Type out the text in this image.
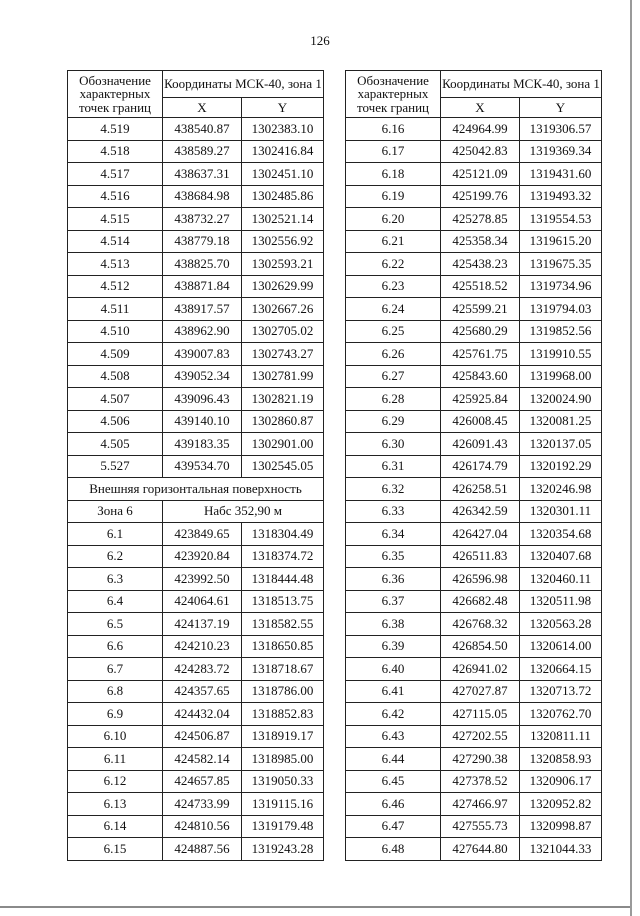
126
Обозначение характерных точек границ	Координаты МСК-40, зона 1	
	X	Y
4.519	438540.87	1302383.10
4.518	438589.27	1302416.84
4.517	438637.31	1302451.10
4.516	438684.98	1302485.86
4.515	438732.27	1302521.14
4.514	438779.18	1302556.92
4.513	438825.70	1302593.21
4.512	438871.84	1302629.99
4.511	438917.57	1302667.26
4.510	438962.90	1302705.02
4.509	439007.83	1302743.27
4.508	439052.34	1302781.99
4.507	439096.43	1302821.19
4.506	439140.10	1302860.87
4.505	439183.35	1302901.00
5.527	439534.70	1302545.05
Внешняя горизонтальная поверхность		
Зона 6	Набс 352,90 м	
6.1	423849.65	1318304.49
6.2	423920.84	1318374.72
6.3	423992.50	1318444.48
6.4	424064.61	1318513.75
6.5	424137.19	1318582.55
6.6	424210.23	1318650.85
6.7	424283.72	1318718.67
6.8	424357.65	1318786.00
6.9	424432.04	1318852.83
6.10	424506.87	1318919.17
6.11	424582.14	1318985.00
6.12	424657.85	1319050.33
6.13	424733.99	1319115.16
6.14	424810.56	1319179.48
6.15	424887.56	1319243.28
Обозначение характерных точек границ	Координаты МСК-40, зона 1	
	X	Y
6.16	424964.99	1319306.57
6.17	425042.83	1319369.34
6.18	425121.09	1319431.60
6.19	425199.76	1319493.32
6.20	425278.85	1319554.53
6.21	425358.34	1319615.20
6.22	425438.23	1319675.35
6.23	425518.52	1319734.96
6.24	425599.21	1319794.03
6.25	425680.29	1319852.56
6.26	425761.75	1319910.55
6.27	425843.60	1319968.00
6.28	425925.84	1320024.90
6.29	426008.45	1320081.25
6.30	426091.43	1320137.05
6.31	426174.79	1320192.29
6.32	426258.51	1320246.98
6.33	426342.59	1320301.11
6.34	426427.04	1320354.68
6.35	426511.83	1320407.68
6.36	426596.98	1320460.11
6.37	426682.48	1320511.98
6.38	426768.32	1320563.28
6.39	426854.50	1320614.00
6.40	426941.02	1320664.15
6.41	427027.87	1320713.72
6.42	427115.05	1320762.70
6.43	427202.55	1320811.11
6.44	427290.38	1320858.93
6.45	427378.52	1320906.17
6.46	427466.97	1320952.82
6.47	427555.73	1320998.87
6.48	427644.80	1321044.33
